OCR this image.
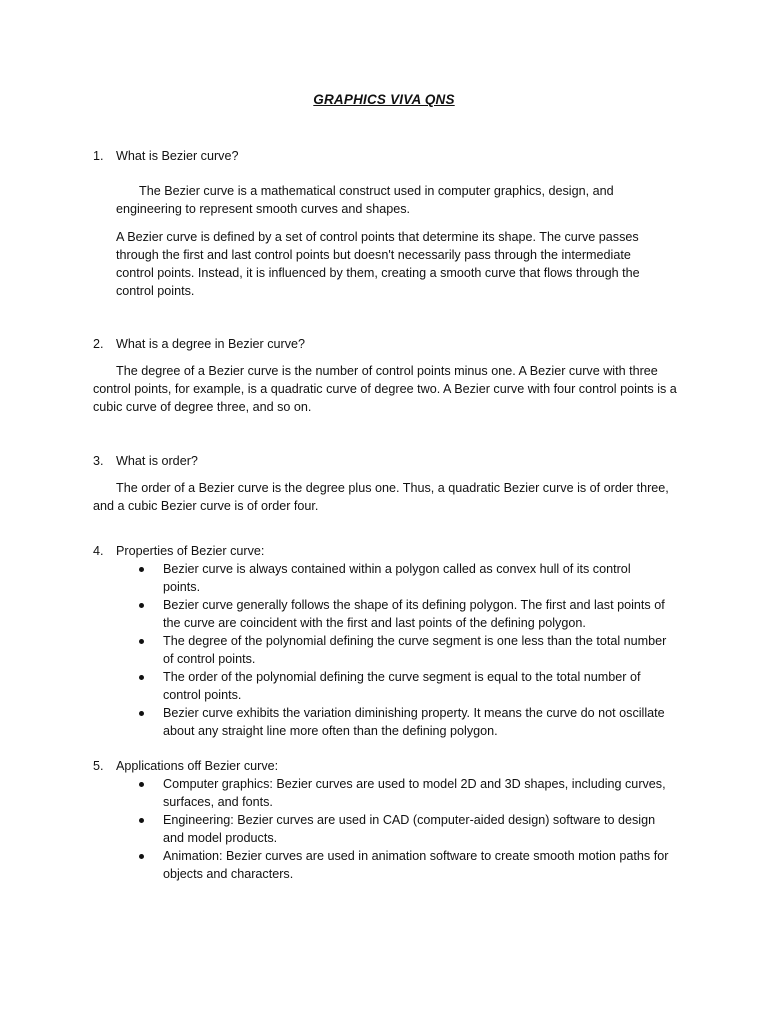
GRAPHICS VIVA QNS
1. What is Bezier curve?

The Bezier curve is a mathematical construct used in computer graphics, design, and engineering to represent smooth curves and shapes.

A Bezier curve is defined by a set of control points that determine its shape. The curve passes through the first and last control points but doesn't necessarily pass through the intermediate control points. Instead, it is influenced by them, creating a smooth curve that flows through the control points.

2. What is a degree in Bezier curve?

The degree of a Bezier curve is the number of control points minus one. A Bezier curve with three control points, for example, is a quadratic curve of degree two. A Bezier curve with four control points is a cubic curve of degree three, and so on.

3. What is order?

The order of a Bezier curve is the degree plus one. Thus, a quadratic Bezier curve is of order three, and a cubic Bezier curve is of order four.

4. Properties of Bezier curve:
Bezier curve is always contained within a polygon called as convex hull of its control points.
Bezier curve generally follows the shape of its defining polygon. The first and last points of the curve are coincident with the first and last points of the defining polygon.
The degree of the polynomial defining the curve segment is one less than the total number of control points.
The order of the polynomial defining the curve segment is equal to the total number of control points.
Bezier curve exhibits the variation diminishing property. It means the curve do not oscillate about any straight line more often than the defining polygon.
5. Applications off Bezier curve:
Computer graphics: Bezier curves are used to model 2D and 3D shapes, including curves, surfaces, and fonts.
Engineering: Bezier curves are used in CAD (computer-aided design) software to design and model products.
Animation: Bezier curves are used in animation software to create smooth motion paths for objects and characters.
